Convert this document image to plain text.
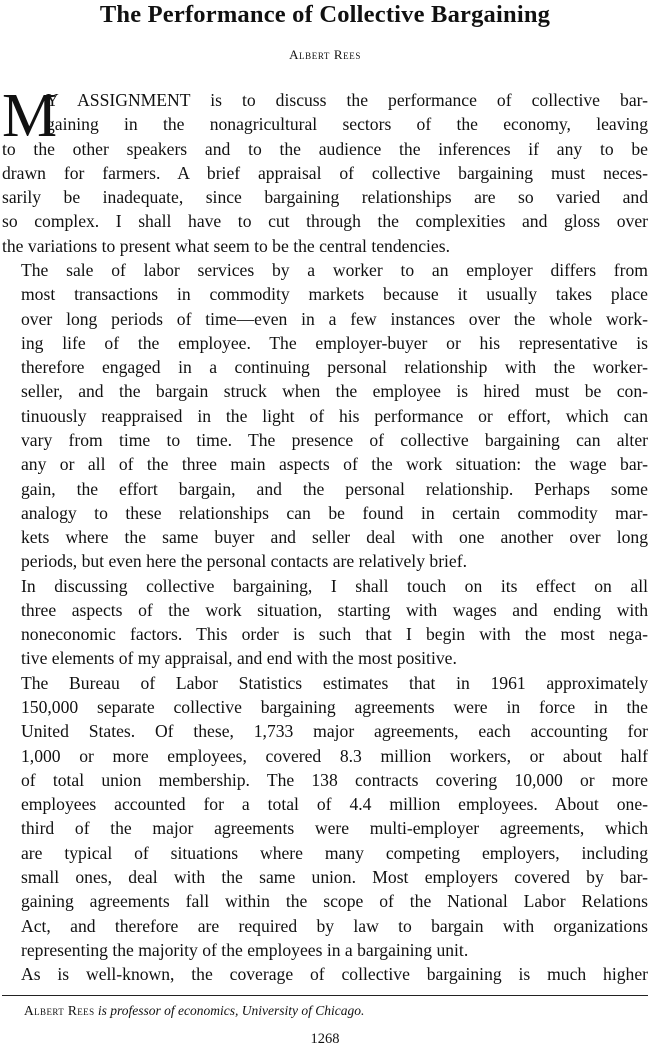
The Performance of Collective Bargaining
Albert Rees
M

Y ASSIGNMENT is to discuss the performance of collective bar-
gaining in the nonagricultural sectors of the economy, leaving
to the other speakers and to the audience the inferences if any to be
drawn for farmers. A brief appraisal of collective bargaining must neces-
sarily be inadequate, since bargaining relationships are so varied and
so complex. I shall have to cut through the complexities and gloss over
the variations to present what seem to be the central tendencies.

The sale of labor services by a worker to an employer differs from
most transactions in commodity markets because it usually takes place
over long periods of time—even in a few instances over the whole work-
ing life of the employee. The employer-buyer or his representative is
therefore engaged in a continuing personal relationship with the worker-
seller, and the bargain struck when the employee is hired must be con-
tinuously reappraised in the light of his performance or effort, which can
vary from time to time. The presence of collective bargaining can alter
any or all of the three main aspects of the work situation: the wage bar-
gain, the effort bargain, and the personal relationship. Perhaps some
analogy to these relationships can be found in certain commodity mar-
kets where the same buyer and seller deal with one another over long
periods, but even here the personal contacts are relatively brief.

In discussing collective bargaining, I shall touch on its effect on all
three aspects of the work situation, starting with wages and ending with
noneconomic factors. This order is such that I begin with the most nega-
tive elements of my appraisal, and end with the most positive.

The Bureau of Labor Statistics estimates that in 1961 approximately
150,000 separate collective bargaining agreements were in force in the
United States. Of these, 1,733 major agreements, each accounting for
1,000 or more employees, covered 8.3 million workers, or about half
of total union membership. The 138 contracts covering 10,000 or more
employees accounted for a total of 4.4 million employees. About one-
third of the major agreements were multi-employer agreements, which
are typical of situations where many competing employers, including
small ones, deal with the same union. Most employers covered by bar-
gaining agreements fall within the scope of the National Labor Relations
Act, and therefore are required by law to bargain with organizations
representing the majority of the employees in a bargaining unit.

As is well-known, the coverage of collective bargaining is much higher

Albert Rees is professor of economics, University of Chicago.
1268
